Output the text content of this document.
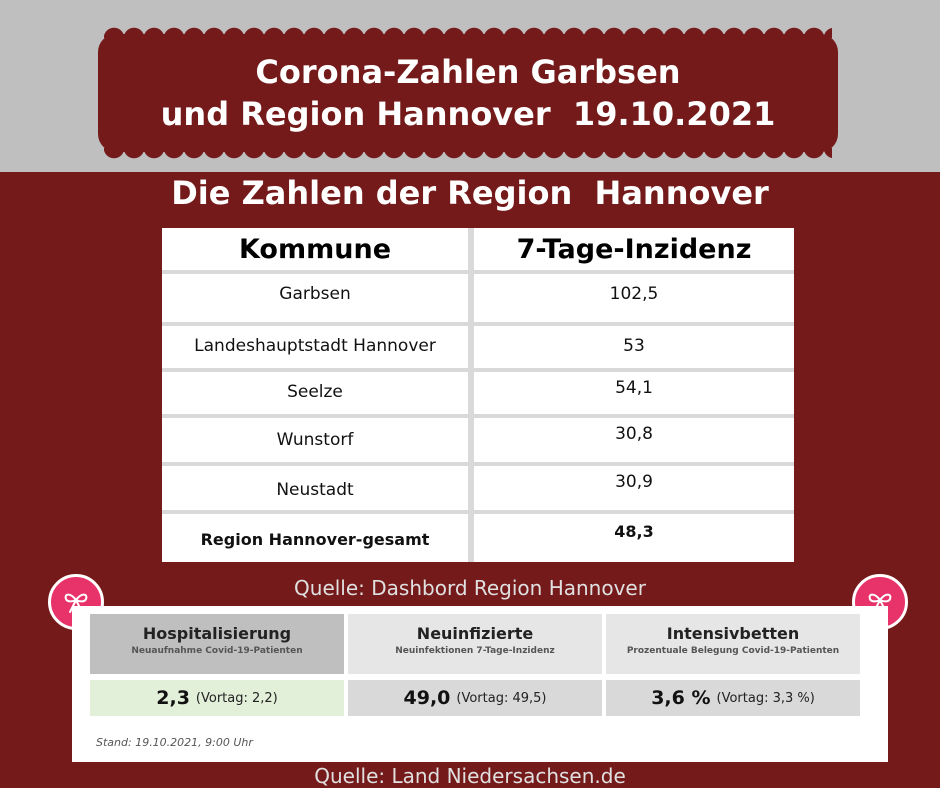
Corona-Zahlen Garbsen
und Region Hannover  19.10.2021
Die Zahlen der Region  Hannover
Kommune	7-Tage-Inzidenz
Garbsen	102,5
Landeshauptstadt Hannover	53
Seelze	54,1
Wunstorf	30,8
Neustadt	30,9
Region Hannover-gesamt	48,3
Quelle: Dashbord Region Hannover
Hospitalisierung
Neuaufnahme Covid-19-Patienten
Neuinfizierte
Neuinfektionen 7-Tage-Inzidenz
Intensivbetten
Prozentuale Belegung Covid-19-Patienten
2,3 (Vortag: 2,2)	49,0 (Vortag: 49,5)	3,6 % (Vortag: 3,3 %)
Stand: 19.10.2021, 9:00 Uhr
Quelle: Land Niedersachsen.de
